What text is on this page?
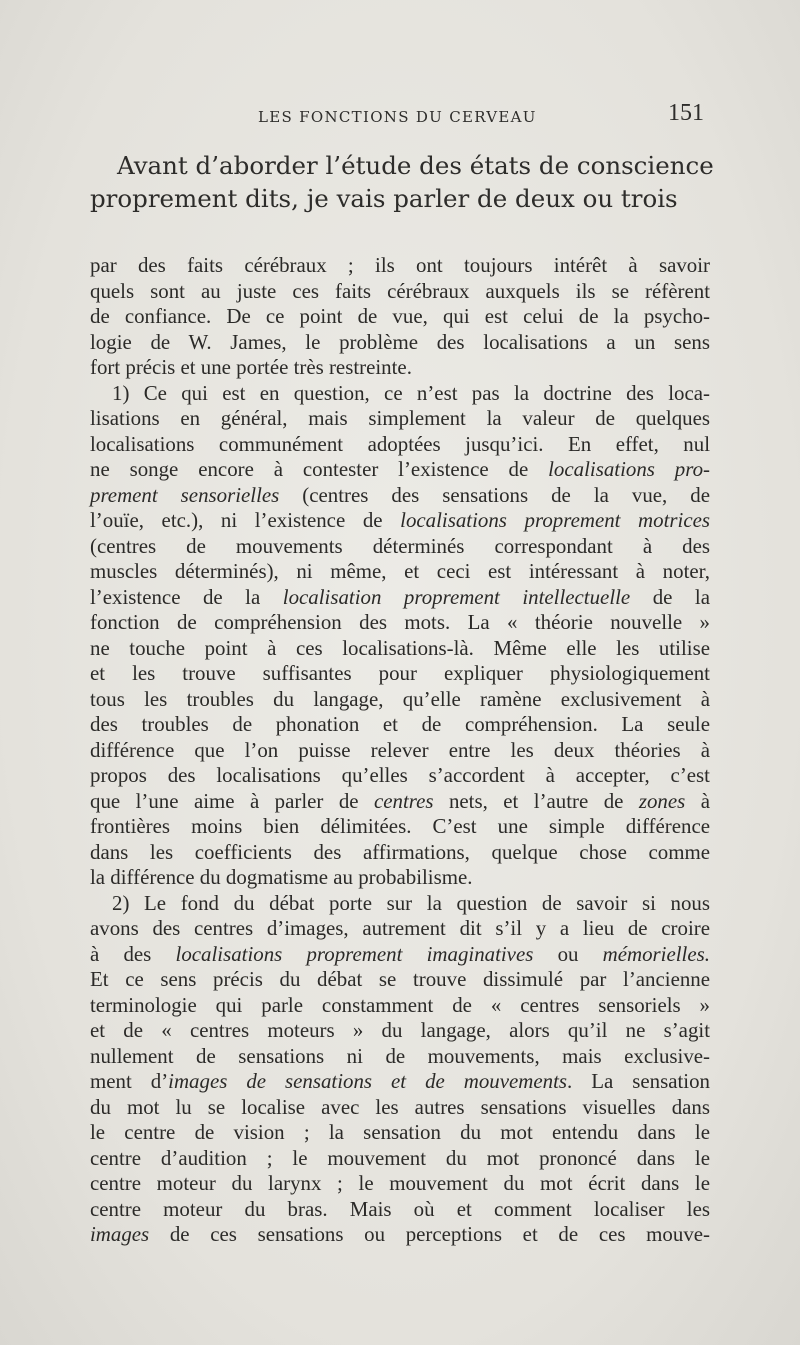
LES FONCTIONS DU CERVEAU	151
Avant d’aborder l’étude des états de conscience
proprement dits, je vais parler de deux ou trois

par des faits cérébraux ; ils ont toujours intérêt à savoir
quels sont au juste ces faits cérébraux auxquels ils se réfèrent
de confiance. De ce point de vue, qui est celui de la psycho-
logie de W. James, le problème des localisations a un sens
fort précis et une portée très restreinte.

1) Ce qui est en question, ce n’est pas la doctrine des loca-
lisations en général, mais simplement la valeur de quelques
localisations communément adoptées jusqu’ici. En effet, nul
ne songe encore à contester l’existence de localisations pro-
prement sensorielles (centres des sensations de la vue, de
l’ouïe, etc.), ni l’existence de localisations proprement motrices
(centres de mouvements déterminés correspondant à des
muscles déterminés), ni même, et ceci est intéressant à noter,
l’existence de la localisation proprement intellectuelle de la
fonction de compréhension des mots. La « théorie nouvelle »
ne touche point à ces localisations-là. Même elle les utilise
et les trouve suffisantes pour expliquer physiologiquement
tous les troubles du langage, qu’elle ramène exclusivement à
des troubles de phonation et de compréhension. La seule
différence que l’on puisse relever entre les deux théories à
propos des localisations qu’elles s’accordent à accepter, c’est
que l’une aime à parler de centres nets, et l’autre de zones à
frontières moins bien délimitées. C’est une simple différence
dans les coefficients des affirmations, quelque chose comme
la différence du dogmatisme au probabilisme.

2) Le fond du débat porte sur la question de savoir si nous
avons des centres d’images, autrement dit s’il y a lieu de croire
à des localisations proprement imaginatives ou mémorielles.
Et ce sens précis du débat se trouve dissimulé par l’ancienne
terminologie qui parle constamment de « centres sensoriels »
et de « centres moteurs » du langage, alors qu’il ne s’agit
nullement de sensations ni de mouvements, mais exclusive-
ment d’images de sensations et de mouvements. La sensation
du mot lu se localise avec les autres sensations visuelles dans
le centre de vision ; la sensation du mot entendu dans le
centre d’audition ; le mouvement du mot prononcé dans le
centre moteur du larynx ; le mouvement du mot écrit dans le
centre moteur du bras. Mais où et comment localiser les
images de ces sensations ou perceptions et de ces mouve-
